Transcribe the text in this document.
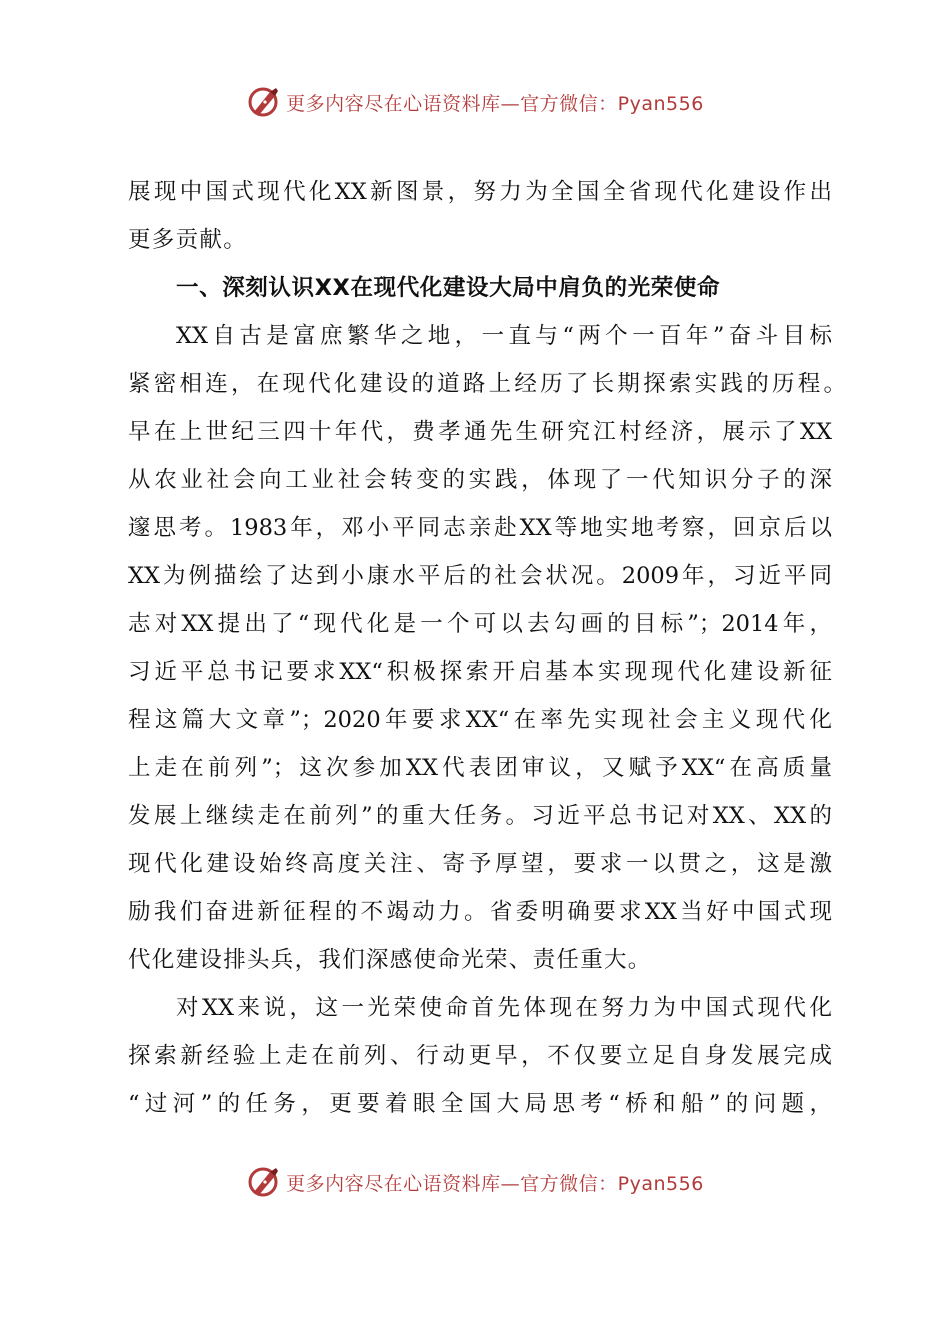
更多内容尽在心语资料库—官方微信：Pyan556
展现中国式现代化XX新图景，努力为全国全省现代化建设作出
更多贡献。
一、深刻认识XX在现代化建设大局中肩负的光荣使命
XX自古是富庶繁华之地，一直与“两个一百年”奋斗目标
紧密相连，在现代化建设的道路上经历了长期探索实践的历程。
早在上世纪三四十年代，费孝通先生研究江村经济，展示了XX
从农业社会向工业社会转变的实践，体现了一代知识分子的深
邃思考。1983年，邓小平同志亲赴XX等地实地考察，回京后以
XX为例描绘了达到小康水平后的社会状况。2009年，习近平同
志对XX提出了“现代化是一个可以去勾画的目标”；2014年，
习近平总书记要求XX“积极探索开启基本实现现代化建设新征
程这篇大文章”；2020年要求XX“在率先实现社会主义现代化
上走在前列”；这次参加XX代表团审议，又赋予XX“在高质量
发展上继续走在前列”的重大任务。习近平总书记对XX、XX的
现代化建设始终高度关注、寄予厚望，要求一以贯之，这是激
励我们奋进新征程的不竭动力。省委明确要求XX当好中国式现
代化建设排头兵，我们深感使命光荣、责任重大。
对XX来说，这一光荣使命首先体现在努力为中国式现代化
探索新经验上走在前列、行动更早，不仅要立足自身发展完成
“过河”的任务，更要着眼全国大局思考“桥和船”的问题，
更多内容尽在心语资料库—官方微信：Pyan556
